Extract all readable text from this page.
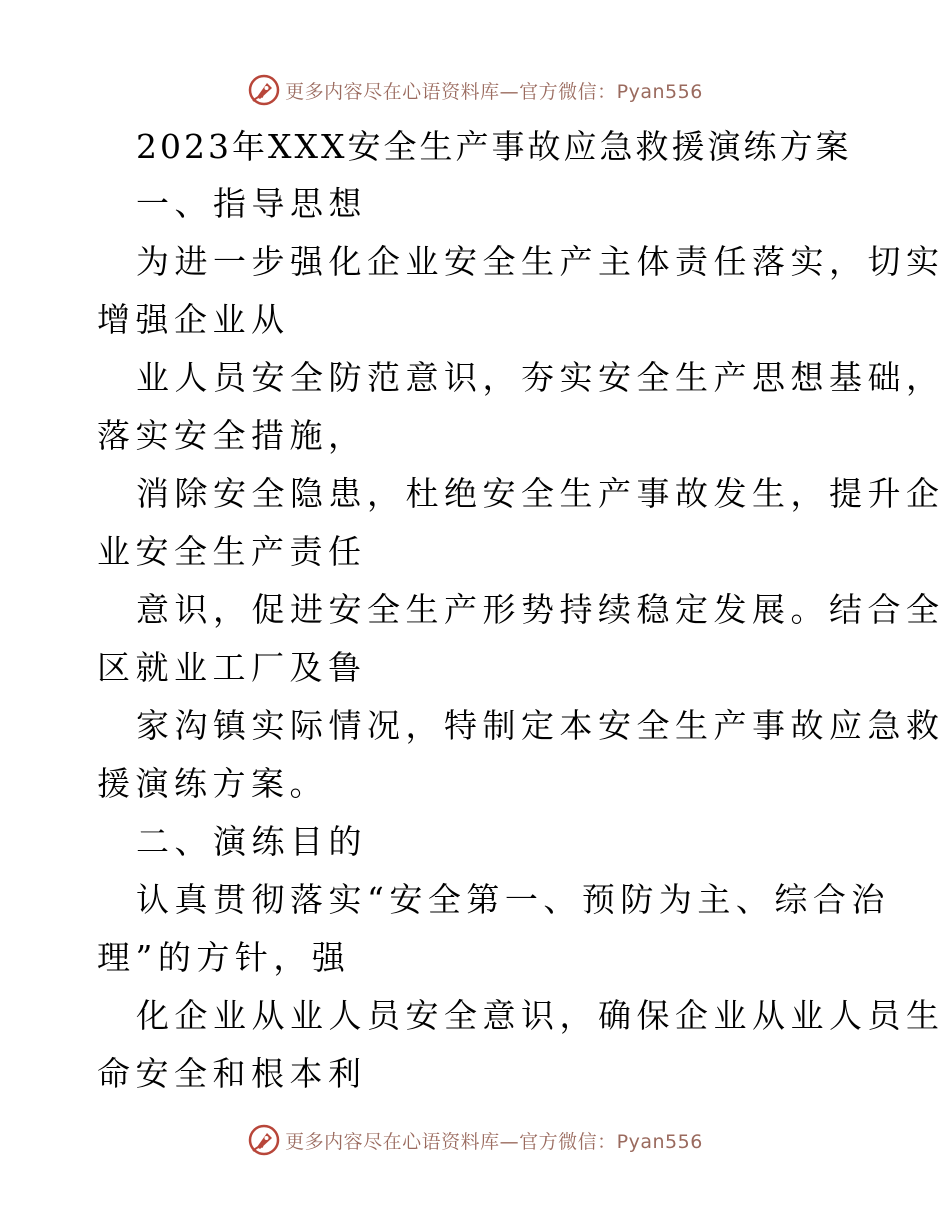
更多内容尽在心语资料库—官方微信：Pyan556
2023年XXX安全生产事故应急救援演练方案
一、指导思想
为进一步强化企业安全生产主体责任落实，切实
增强企业从
业人员安全防范意识，夯实安全生产思想基础，
落实安全措施，
消除安全隐患，杜绝安全生产事故发生，提升企
业安全生产责任
意识，促进安全生产形势持续稳定发展。结合全
区就业工厂及鲁
家沟镇实际情况，特制定本安全生产事故应急救
援演练方案。
二、演练目的
认真贯彻落实“安全第一、预防为主、综合治
理”的方针，强
化企业从业人员安全意识，确保企业从业人员生
命安全和根本利
更多内容尽在心语资料库—官方微信：Pyan556
